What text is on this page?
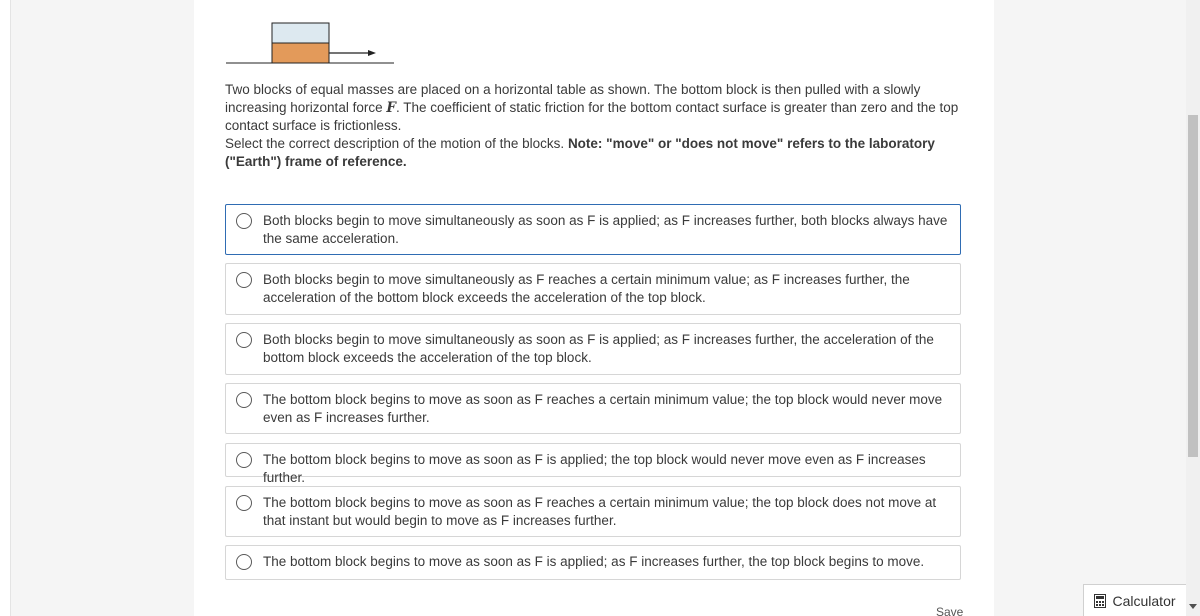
Two blocks of equal masses are placed on a horizontal table as shown. The bottom block is then pulled with a slowly increasing horizontal force F. The coefficient of static friction for the bottom contact surface is greater than zero and the top contact surface is frictionless.

Select the correct description of the motion of the blocks. Note: "move" or "does not move" refers to the laboratory ("Earth") frame of reference.

Both blocks begin to move simultaneously as soon as F is applied; as F increases further, both blocks always have the same acceleration.
Both blocks begin to move simultaneously as F reaches a certain minimum value; as F increases further, the acceleration of the bottom block exceeds the acceleration of the top block.
Both blocks begin to move simultaneously as soon as F is applied; as F increases further, the acceleration of the bottom block exceeds the acceleration of the top block.
The bottom block begins to move as soon as F reaches a certain minimum value; the top block would never move even as F increases further.
The bottom block begins to move as soon as F is applied; the top block would never move even as F increases further.
The bottom block begins to move as soon as F reaches a certain minimum value; the top block does not move at that instant but would begin to move as F increases further.
The bottom block begins to move as soon as F is applied; as F increases further, the top block begins to move.
Save
Calculator
